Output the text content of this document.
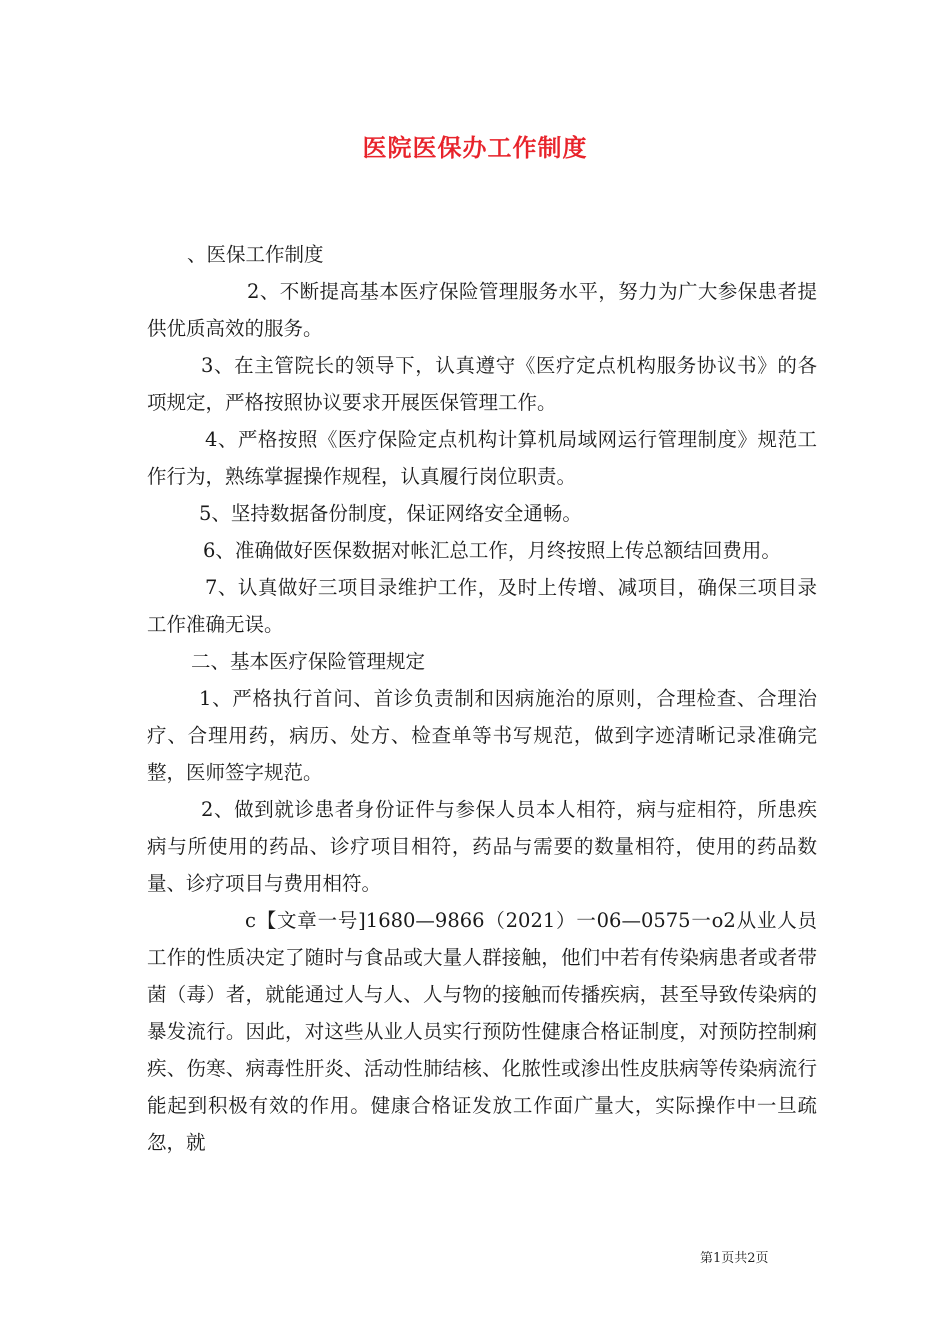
医院医保办工作制度

、医保工作制度

2、不断提高基本医疗保险管理服务水平，努力为广大参保患者提供优质高效的服务。

3、在主管院长的领导下，认真遵守《医疗定点机构服务协议书》的各项规定，严格按照协议要求开展医保管理工作。

4、严格按照《医疗保险定点机构计算机局域网运行管理制度》规范工作行为，熟练掌握操作规程，认真履行岗位职责。

5、坚持数据备份制度，保证网络安全通畅。

6、准确做好医保数据对帐汇总工作，月终按照上传总额结回费用。

7、认真做好三项目录维护工作，及时上传增、减项目，确保三项目录工作准确无误。

二、基本医疗保险管理规定

1、严格执行首问、首诊负责制和因病施治的原则，合理检查、合理治疗、合理用药，病历、处方、检查单等书写规范，做到字迹清晰记录准确完整，医师签字规范。

2、做到就诊患者身份证件与参保人员本人相符，病与症相符，所患疾病与所使用的药品、诊疗项目相符，药品与需要的数量相符，使用的药品数量、诊疗项目与费用相符。

c【文章一号]1680—9866（2021）一06—0575一o2从业人员工作的性质决定了随时与食品或大量人群接触，他们中若有传染病患者或者带菌（毒）者，就能通过人与人、人与物的接触而传播疾病，甚至导致传染病的暴发流行。因此，对这些从业人员实行预防性健康合格证制度，对预防控制痢疾、伤寒、病毒性肝炎、活动性肺结核、化脓性或渗出性皮肤病等传染病流行能起到积极有效的作用。健康合格证发放工作面广量大，实际操作中一旦疏忽，就

第1页共2页
